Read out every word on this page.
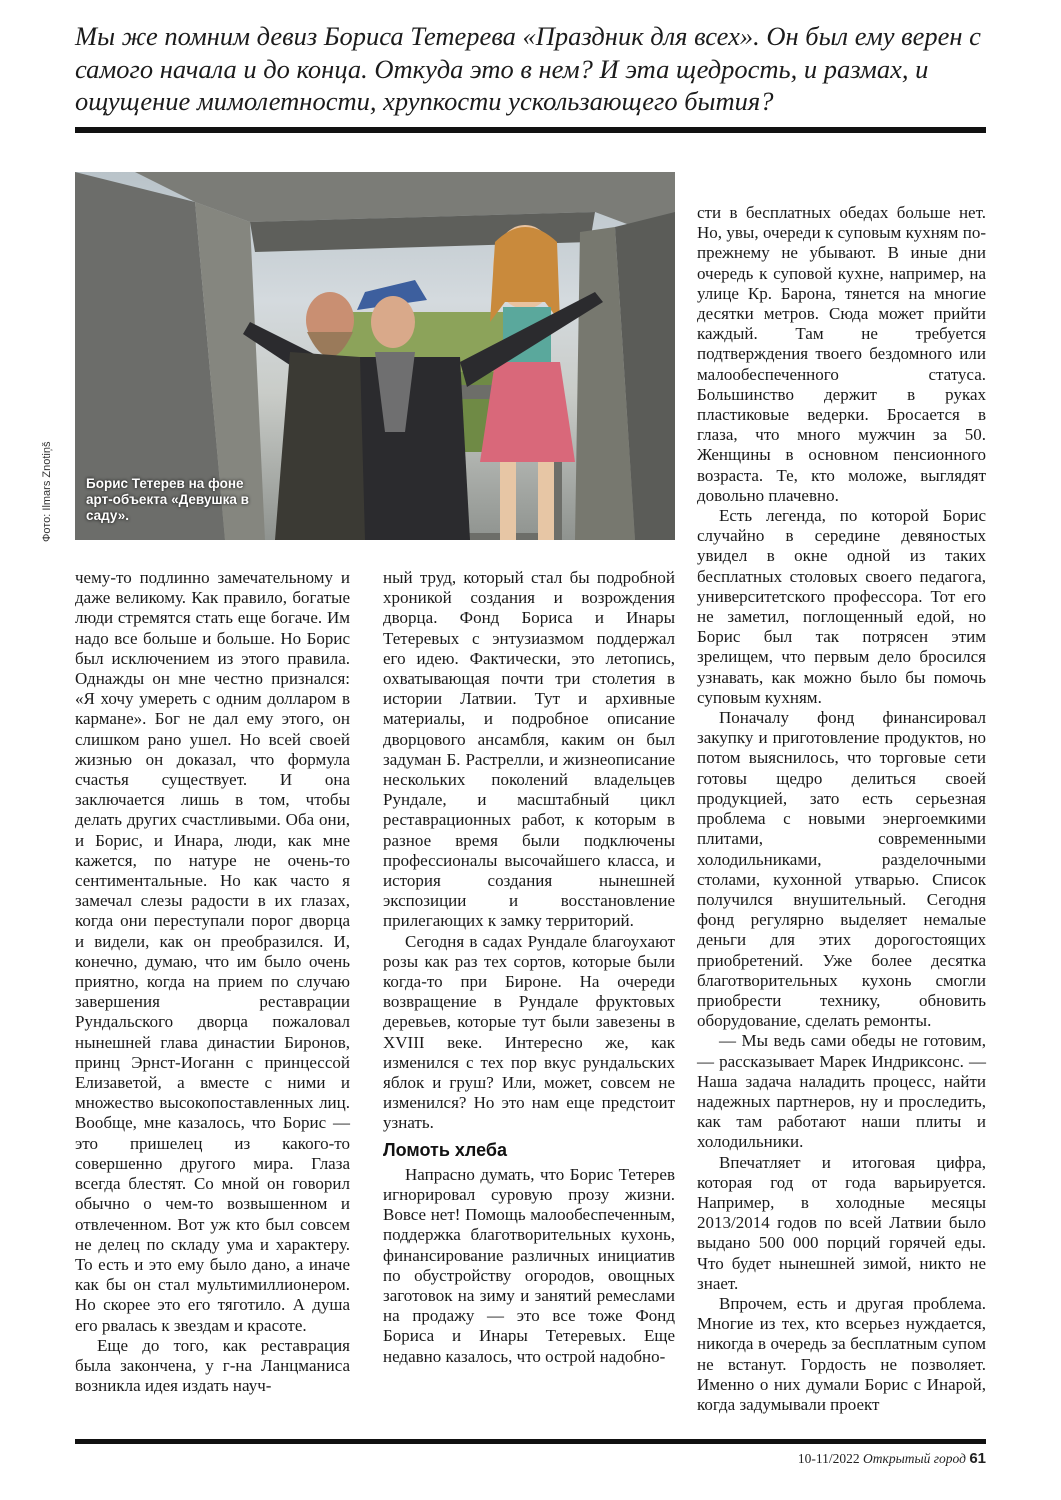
Мы же помним девиз Бориса Тетерева «Праздник для всех». Он был ему верен с самого начала и до конца. Откуда это в нем? И эта щедрость, и размах, и ощущение мимолетности, хрупкости ускользающего бытия?

Борис Тетерев на фоне арт-объекта «Девушка в саду».

Фото: Ilmars Znotiņš

чему-то подлинно замечательному и даже великому. Как правило, богатые люди стремятся стать еще богаче. Им надо все больше и больше. Но Борис был исключением из этого правила. Однажды он мне честно признался: «Я хочу умереть с одним долларом в кармане». Бог не дал ему этого, он слишком рано ушел. Но всей своей жизнью он доказал, что формула счастья существует. И она заключается лишь в том, чтобы делать других счастливыми. Оба они, и Борис, и Инара, люди, как мне кажется, по натуре не очень-то сентиментальные. Но как часто я замечал слезы радости в их глазах, когда они переступали порог дворца и видели, как он преобразился. И, конечно, думаю, что им было очень приятно, когда на прием по случаю завершения реставрации Рундальского дворца пожаловал нынешней глава династии Биронов, принц Эрнст-Иоганн с принцессой Елизаветой, а вместе с ними и множество высокопоставленных лиц. Вообще, мне казалось, что Борис — это пришелец из какого-то совершенно другого мира. Глаза всегда блестят. Со мной он говорил обычно о чем-то возвышенном и отвлеченном. Вот уж кто был совсем не делец по складу ума и характеру. То есть и это ему было дано, а иначе как бы он стал мультимиллионером. Но скорее это его тяготило. А душа его рвалась к звездам и красоте.

Еще до того, как реставрация была закончена, у г-на Ланцманиса возникла идея издать науч-

ный труд, который стал бы подробной хроникой создания и возрождения дворца. Фонд Бориса и Инары Тетеревых с энтузиазмом поддержал его идею. Фактически, это летопись, охватывающая почти три столетия в истории Латвии. Тут и архивные материалы, и подробное описание дворцового ансамбля, каким он был задуман Б. Растрелли, и жизнеописание нескольких поколений владельцев Рундале, и масштабный цикл реставрационных работ, к которым в разное время были подключены профессионалы высочайшего класса, и история создания нынешней экспозиции и восстановление прилегающих к замку территорий.

Сегодня в садах Рундале благоухают розы как раз тех сортов, которые были когда-то при Бироне. На очереди возвращение в Рундале фруктовых деревьев, которые тут были завезены в XVIII веке. Интересно же, как изменился с тех пор вкус рундальских яблок и груш? Или, может, совсем не изменился? Но это нам еще предстоит узнать.

Ломоть хлеба

Напрасно думать, что Борис Тетерев игнорировал суровую прозу жизни. Вовсе нет! Помощь малообеспеченным, поддержка благотворительных кухонь, финансирование различных инициатив по обустройству огородов, овощных заготовок на зиму и занятий ремеслами на продажу — это все тоже Фонд Бориса и Инары Тетеревых. Еще недавно казалось, что острой надобно-

сти в бесплатных обедах больше нет. Но, увы, очереди к суповым кухням по-прежнему не убывают. В иные дни очередь к суповой кухне, например, на улице Кр. Барона, тянется на многие десятки метров. Сюда может прийти каждый. Там не требуется подтверждения твоего бездомного или малообеспеченного статуса. Большинство держит в руках пластиковые ведерки. Бросается в глаза, что много мужчин за 50. Женщины в основном пенсионного возраста. Те, кто моложе, выглядят довольно плачевно.

Есть легенда, по которой Борис случайно в середине девяностых увидел в окне одной из таких бесплатных столовых своего педагога, университетского профессора. Тот его не заметил, поглощенный едой, но Борис был так потрясен этим зрелищем, что первым дело бросился узнавать, как можно было бы помочь суповым кухням.

Поначалу фонд финансировал закупку и приготовление продуктов, но потом выяснилось, что торговые сети готовы щедро делиться своей продукцией, зато есть серьезная проблема с новыми энергоемкими плитами, современными холодильниками, разделочными столами, кухонной утварью. Список получился внушительный. Сегодня фонд регулярно выделяет немалые деньги для этих дорогостоящих приобретений. Уже более десятка благотворительных кухонь смогли приобрести технику, обновить оборудование, сделать ремонты.

— Мы ведь сами обеды не готовим, — рассказывает Марек Индриксонс. — Наша задача наладить процесс, найти надежных партнеров, ну и проследить, как там работают наши плиты и холодильники.

Впечатляет и итоговая цифра, которая год от года варьируется. Например, в холодные месяцы 2013/2014 годов по всей Латвии было выдано 500 000 порций горячей еды. Что будет нынешней зимой, никто не знает.

Впрочем, есть и другая проблема. Многие из тех, кто всерьез нуждается, никогда в очередь за бесплатным супом не встанут. Гордость не позволяет. Именно о них думали Борис с Инарой, когда задумывали проект

10-11/2022 Открытый город 61
